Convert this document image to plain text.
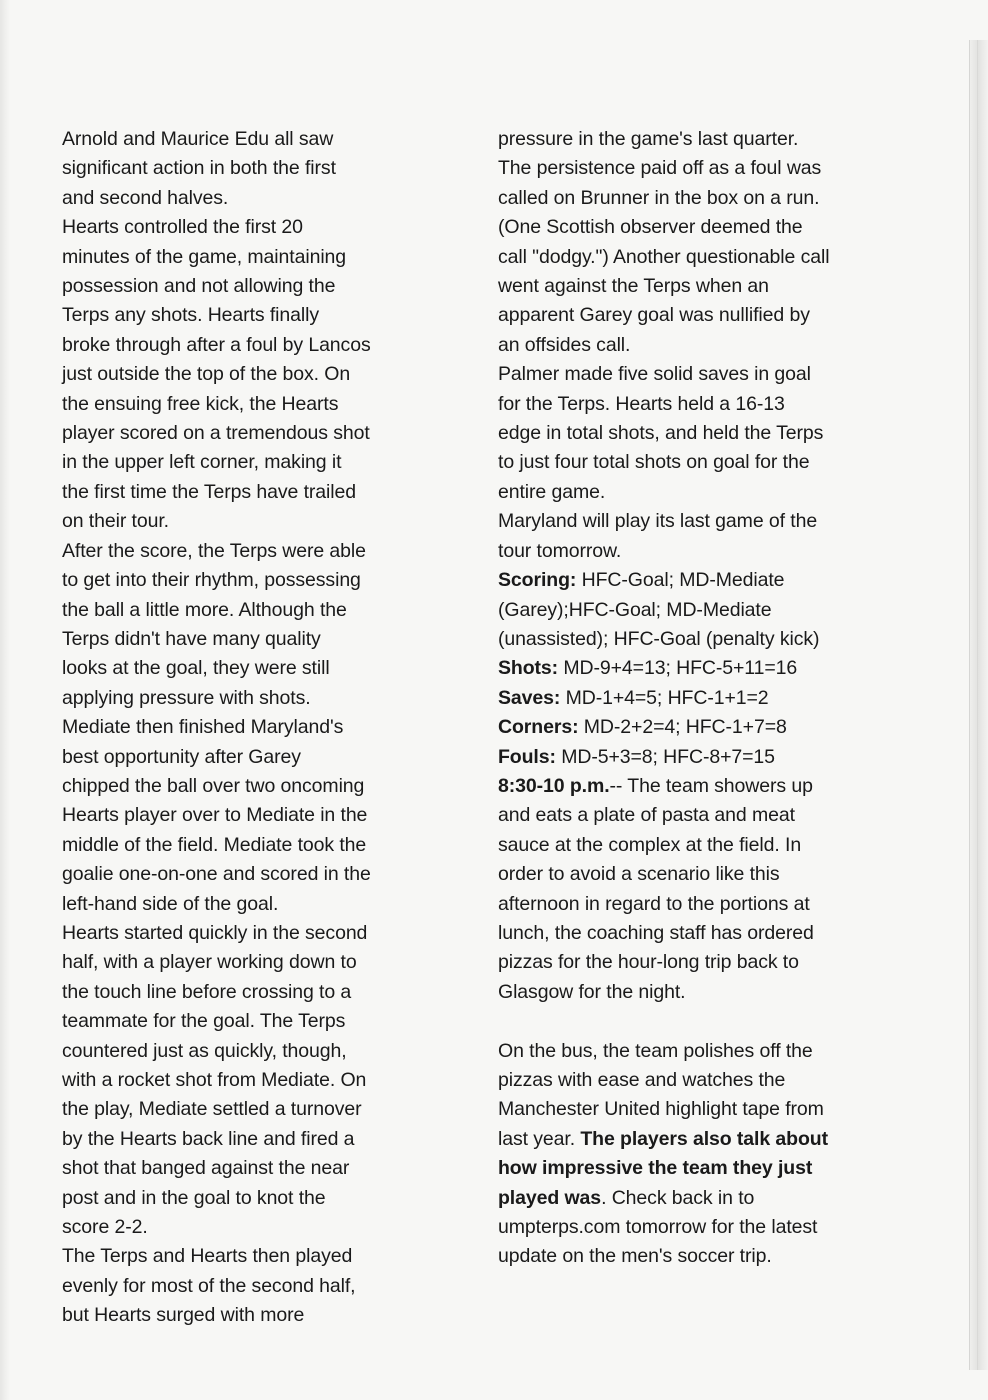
Arnold and Maurice Edu all saw
significant action in both the first
and second halves.
Hearts controlled the first 20
minutes of the game, maintaining
possession and not allowing the
Terps any shots. Hearts finally
broke through after a foul by Lancos
just outside the top of the box. On
the ensuing free kick, the Hearts
player scored on a tremendous shot
in the upper left corner, making it
the first time the Terps have trailed
on their tour.
After the score, the Terps were able
to get into their rhythm, possessing
the ball a little more. Although the
Terps didn't have many quality
looks at the goal, they were still
applying pressure with shots.
Mediate then finished Maryland's
best opportunity after Garey
chipped the ball over two oncoming
Hearts player over to Mediate in the
middle of the field. Mediate took the
goalie one-on-one and scored in the
left-hand side of the goal.
Hearts started quickly in the second
half, with a player working down to
the touch line before crossing to a
teammate for the goal. The Terps
countered just as quickly, though,
with a rocket shot from Mediate. On
the play, Mediate settled a turnover
by the Hearts back line and fired a
shot that banged against the near
post and in the goal to knot the
score 2-2.
The Terps and Hearts then played
evenly for most of the second half,
but Hearts surged with more
pressure in the game's last quarter.
The persistence paid off as a foul was
called on Brunner in the box on a run.
(One Scottish observer deemed the
call "dodgy.") Another questionable call
went against the Terps when an
apparent Garey goal was nullified by
an offsides call.
Palmer made five solid saves in goal
for the Terps. Hearts held a 16-13
edge in total shots, and held the Terps
to just four total shots on goal for the
entire game.
Maryland will play its last game of the
tour tomorrow.
Scoring: HFC-Goal; MD-Mediate
(Garey);HFC-Goal; MD-Mediate
(unassisted); HFC-Goal (penalty kick)
Shots: MD-9+4=13; HFC-5+11=16
Saves: MD-1+4=5; HFC-1+1=2
Corners: MD-2+2=4; HFC-1+7=8
Fouls: MD-5+3=8; HFC-8+7=15
8:30-10 p.m.-- The team showers up
and eats a plate of pasta and meat
sauce at the complex at the field. In
order to avoid a scenario like this
afternoon in regard to the portions at
lunch, the coaching staff has ordered
pizzas for the hour-long trip back to
Glasgow for the night.
On the bus, the team polishes off the
pizzas with ease and watches the
Manchester United highlight tape from
last year. The players also talk about
how impressive the team they just
played was. Check back in to
umpterps.com tomorrow for the latest
update on the men's soccer trip.
